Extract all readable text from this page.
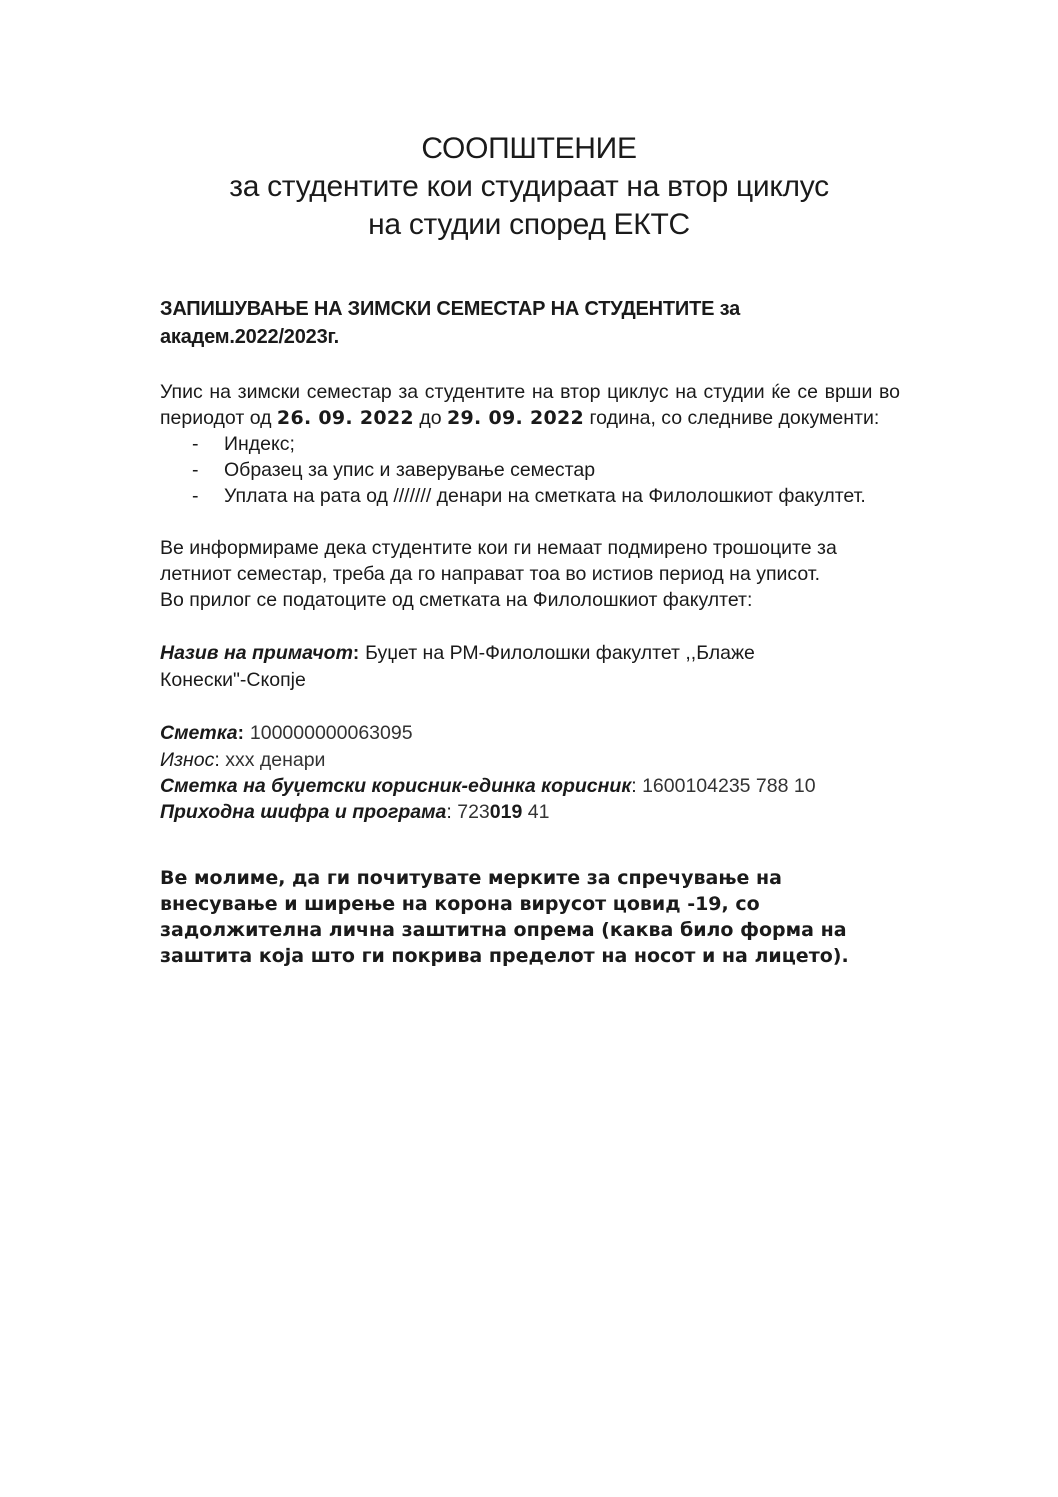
СООПШТЕНИЕ
за студентите кои студираат на втор циклус
на студии според ЕКТС
ЗАПИШУВАЊЕ НА ЗИМСКИ СЕМЕСТАР НА СТУДЕНТИТЕ за
академ.2022/2023г.

Упис на зимски семестар за студентите на втор циклус на студии ќе се врши во периодот од 26. 09. 2022 до 29. 09. 2022 година, со следниве документи:

- Индекс;
- Образец за упис и заверување семестар
- Уплата на рата од /////// денари на сметката на Филолошкиот факултет.
Ве информираме дека студентите кои ги немаат подмирено трошоците за
летниот семестар, треба да го направат тоа во истиов период на уписот.
Во прилог се податоците од сметката на Филолошкиот факултет:
Назив на примачот: Буџет на РМ-Филолошки факултет ,,Блаже
Конески"-Скопје
Сметка: 100000000063095
Износ: xxx денари
Сметка на буџетски корисник-единка корисник: 1600104235 788 10
Приходна шифра и програма: 723019 41
Ве молиме, да ги почитувате мерките за спречување на
внесување и ширење на корона вирусот цовид -19, со
задолжителна лична заштитна опрема (каква било форма на
заштита која што ги покрива пределот на носот и на лицето).
